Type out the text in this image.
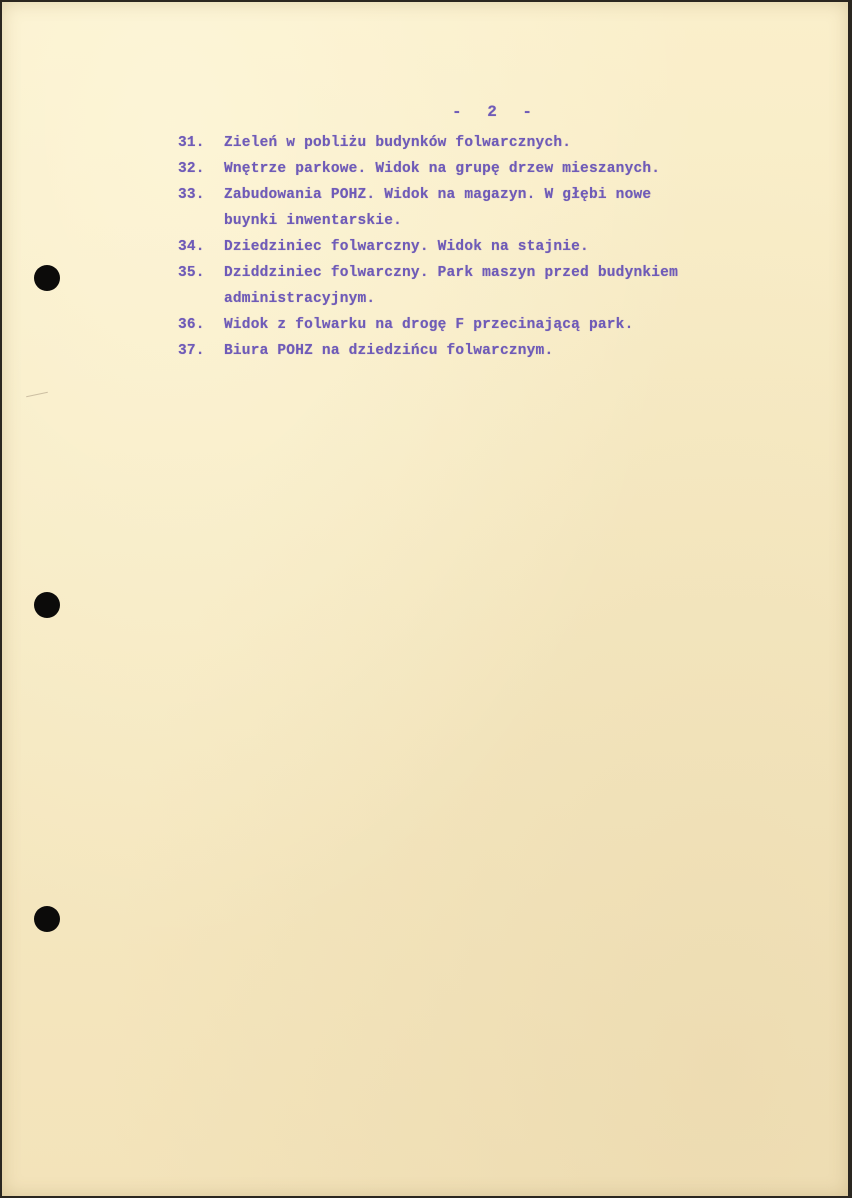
- 2 -
31.	Zieleń w pobliżu budynków folwarcznych.
32.	Wnętrze parkowe. Widok na grupę drzew mieszanych.
33.	Zabudowania POHZ. Widok na magazyn. W głębi nowe
buynki inwentarskie.
34.	Dziedziniec folwarczny. Widok na stajnie.
35.	Dziddziniec folwarczny. Park maszyn przed budynkiem
administracyjnym.
36.	Widok z folwarku na drogę F przecinającą park.
37.	Biura POHZ na dziedzińcu folwarcznym.
